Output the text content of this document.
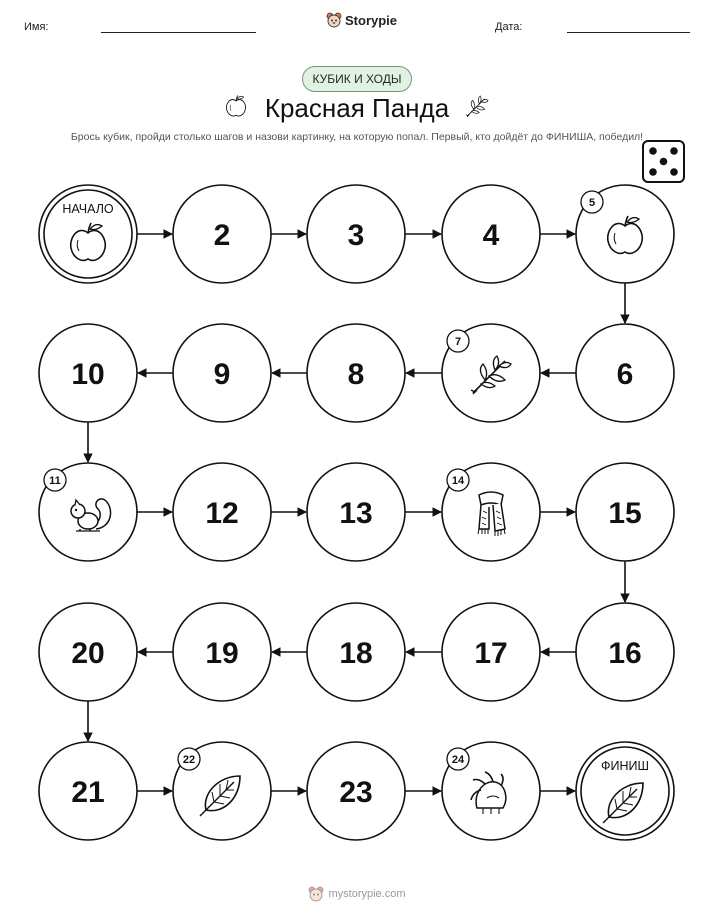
Имя:	Storypie	Дата:
КУБИК И ХОДЫ
Красная Панда
Брось кубик, пройди столько шагов и назови картинку, на которую попал. Первый, кто дойдёт до ФИНИША, победил!
НАЧАЛО
2	3	4
5
6
7
8
9
10
11
12	13
14
15
16
17
18
19
20
21
22
23
24	ФИНИШ
mystorypie.com
